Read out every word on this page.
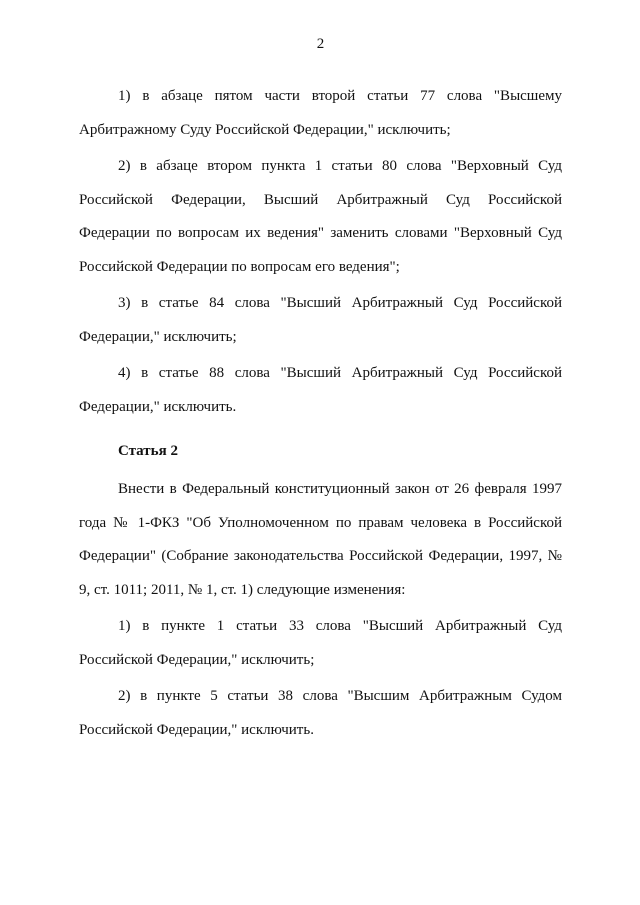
2

1) в абзаце пятом части второй статьи 77 слова "Высшему Арбитражному Суду Российской Федерации," исключить;

2) в абзаце втором пункта 1 статьи 80 слова "Верховный Суд Российской Федерации, Высший Арбитражный Суд Российской Федерации по вопросам их ведения" заменить словами "Верховный Суд Российской Федерации по вопросам его ведения";

3) в статье 84 слова "Высший Арбитражный Суд Российской Федерации," исключить;

4) в статье 88 слова "Высший Арбитражный Суд Российской Федерации," исключить.

Статья 2

Внести в Федеральный конституционный закон от 26 февраля 1997 года № 1-ФКЗ "Об Уполномоченном по правам человека в Российской Федерации" (Собрание законодательства Российской Федерации, 1997, № 9, ст. 1011; 2011, № 1, ст. 1) следующие изменения:

1) в пункте 1 статьи 33 слова "Высший Арбитражный Суд Российской Федерации," исключить;

2) в пункте 5 статьи 38 слова "Высшим Арбитражным Судом Российской Федерации," исключить.
